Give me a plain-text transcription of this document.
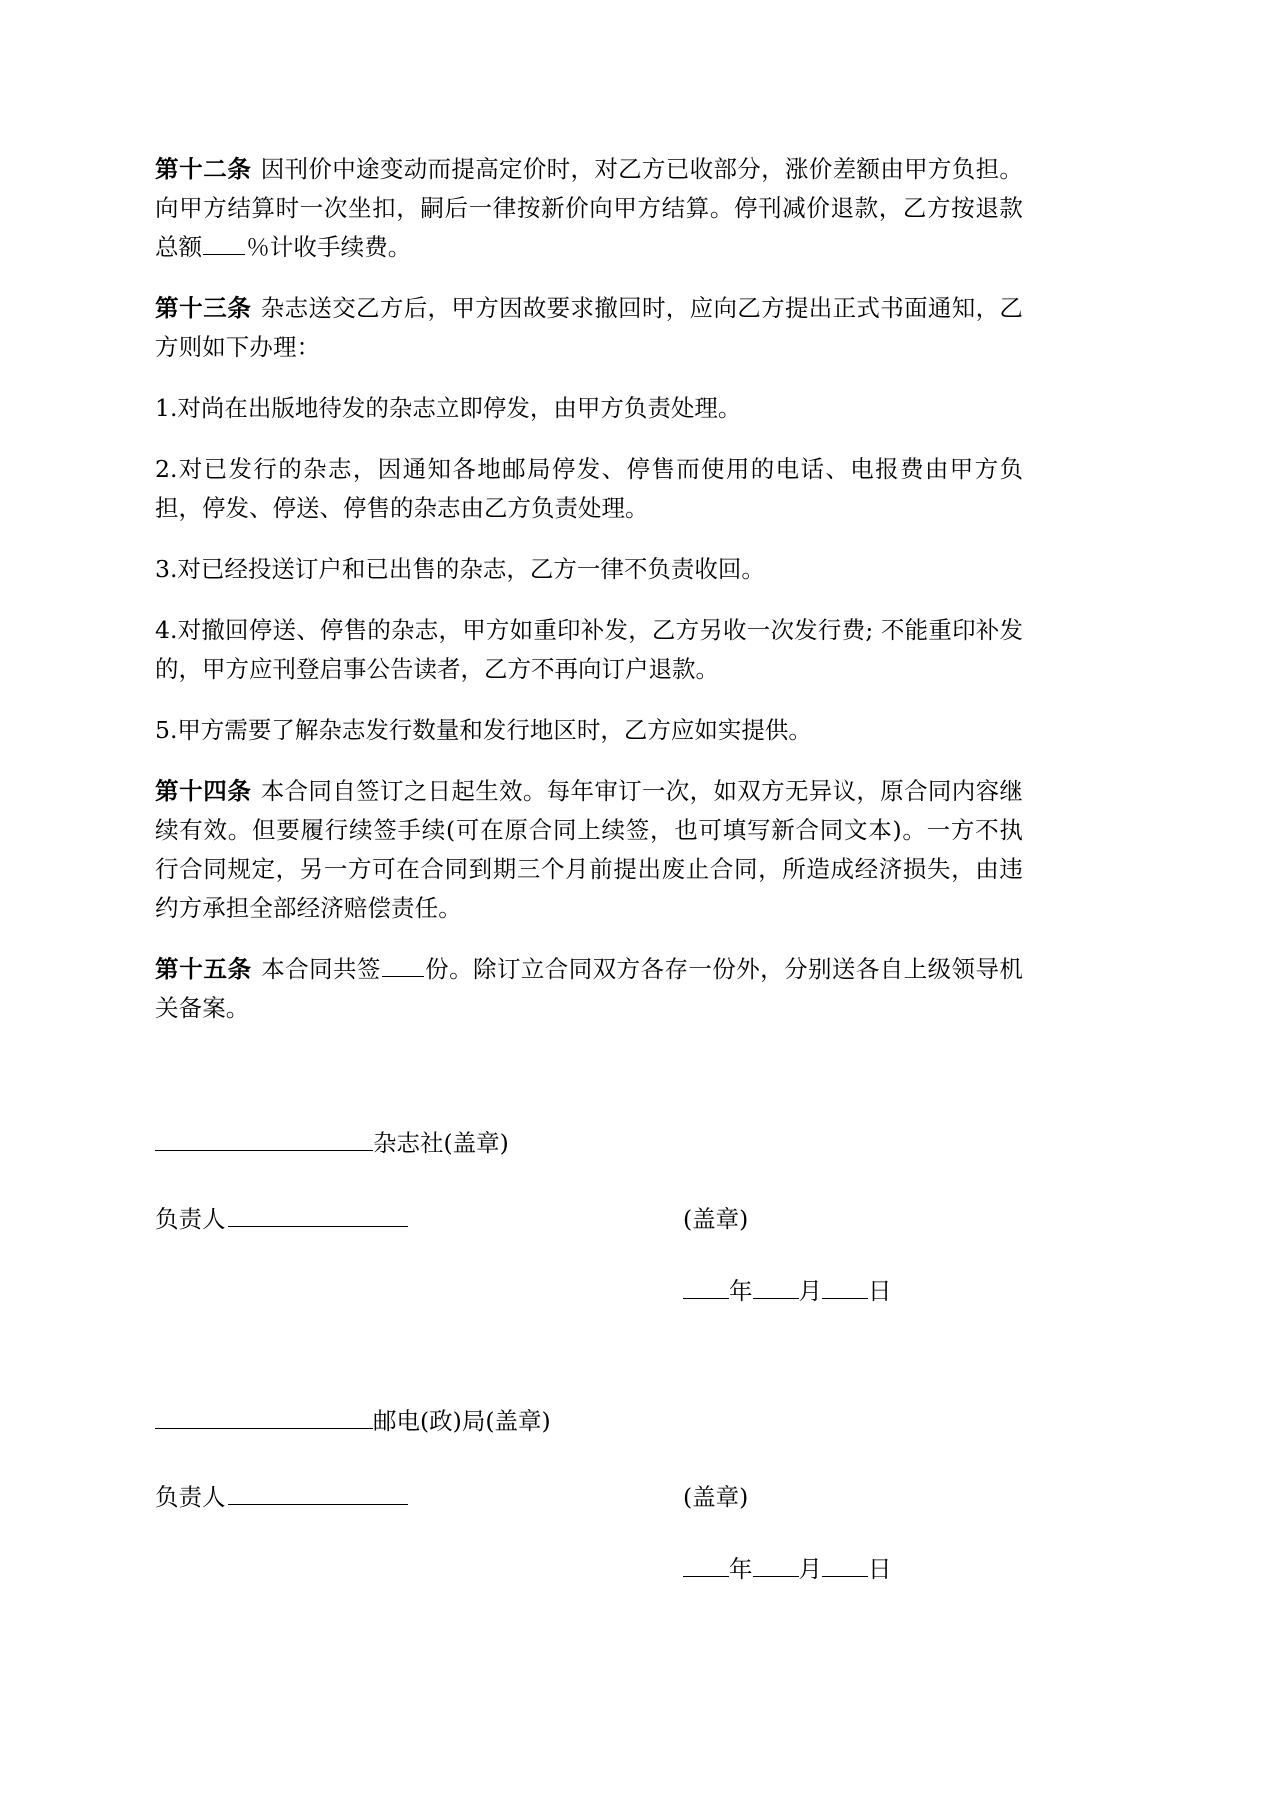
第十二条 因刊价中途变动而提高定价时，对乙方已收部分，涨价差额由甲方负担。向甲方结算时一次坐扣，嗣后一律按新价向甲方结算。停刊减价退款，乙方按退款总额 ％计收手续费。

第十三条 杂志送交乙方后，甲方因故要求撤回时，应向乙方提出正式书面通知，乙方则如下办理：

1.对尚在出版地待发的杂志立即停发，由甲方负责处理。

2.对已发行的杂志，因通知各地邮局停发、停售而使用的电话、电报费由甲方负担，停发、停送、停售的杂志由乙方负责处理。

3.对已经投送订户和已出售的杂志，乙方一律不负责收回。

4.对撤回停送、停售的杂志，甲方如重印补发，乙方另收一次发行费; 不能重印补发的，甲方应刊登启事公告读者，乙方不再向订户退款。

5.甲方需要了解杂志发行数量和发行地区时，乙方应如实提供。

第十四条 本合同自签订之日起生效。每年审订一次，如双方无异议，原合同内容继续有效。但要履行续签手续(可在原合同上续签，也可填写新合同文本)。一方不执行合同规定，另一方可在合同到期三个月前提出废止合同，所造成经济损失，由违约方承担全部经济赔偿责任。

第十五条 本合同共签 份。除订立合同双方各存一份外，分别送各自上级领导机关备案。

杂志社(盖章)
负责人	(盖章)
年 月 日
邮电(政)局(盖章)
负责人	(盖章)
年 月 日
